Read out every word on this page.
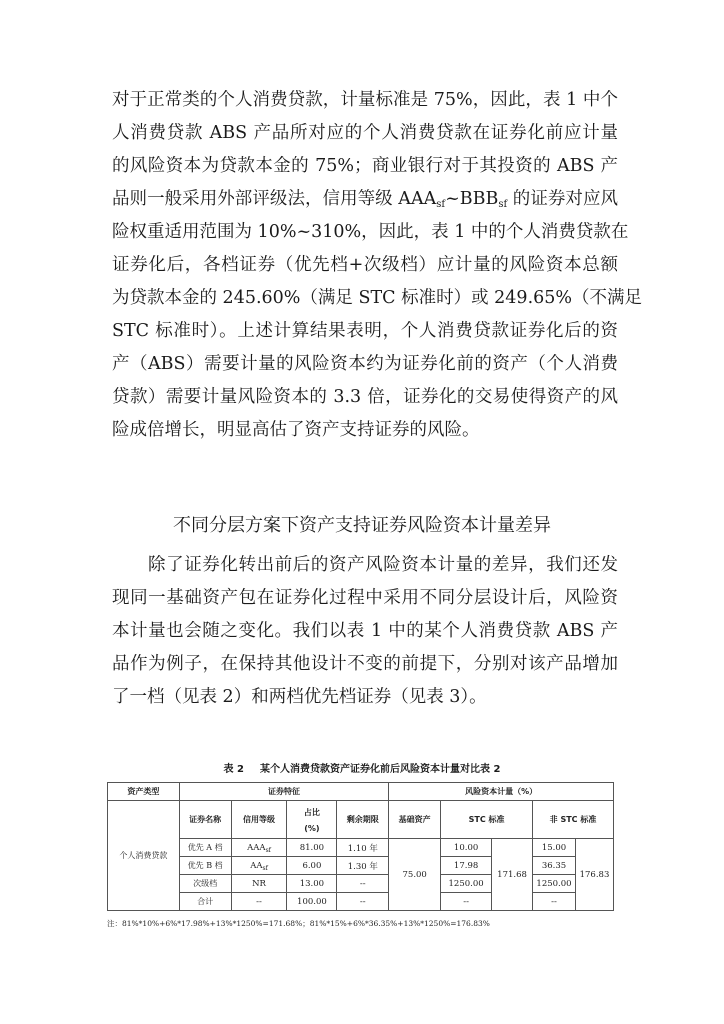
对于正常类的个人消费贷款，计量标准是 75%，因此，表 1 中个
人消费贷款 ABS 产品所对应的个人消费贷款在证券化前应计量
的风险资本为贷款本金的 75%；商业银行对于其投资的 ABS 产
品则一般采用外部评级法，信用等级 $AAA_{sf}\sim BBB_{sf}$ 的证券对应风
险权重适用范围为 10%~310%，因此，表 1 中的个人消费贷款在
证券化后，各档证券（优先档+次级档）应计量的风险资本总额
为贷款本金的 245.60%（满足 STC 标准时）或 249.65%（不满足
STC 标准时）。上述计算结果表明，个人消费贷款证券化后的资
产（ABS）需要计量的风险资本约为证券化前的资产（个人消费
贷款）需要计量风险资本的 3.3 倍，证券化的交易使得资产的风
险成倍增长，明显高估了资产支持证券的风险。
不同分层方案下资产支持证券风险资本计量差异
除了证券化转出前后的资产风险资本计量的差异，我们还发
现同一基础资产包在证券化过程中采用不同分层设计后，风险资
本计量也会随之变化。我们以表 1 中的某个人消费贷款 ABS 产
品作为例子，在保持其他设计不变的前提下，分别对该产品增加
了一档（见表 2）和两档优先档证券（见表 3）。
表 2 某个人消费贷款资产证券化前后风险资本计量对比表 2
资产类型	证券特征				风险资本计量（%）				
个人消费贷款	证券名称	信用等级	占比
(%)	剩余期限	基础资产	STC 标准		非 STC 标准	
	优先 A 档	$AAA_{sf}$	81.00	1.10 年	75.00	10.00	171.68	15.00	176.83
	优先 B 档	$AA_{sf}$	6.00	1.30 年		17.98		36.35	
	次级档	NR	13.00	--		1250.00		1250.00	
	合计	--	100.00	--		--		--	
注：81%*10%+6%*17.98%+13%*1250%=171.68%；81%*15%+6%*36.35%+13%*1250%=176.83%
